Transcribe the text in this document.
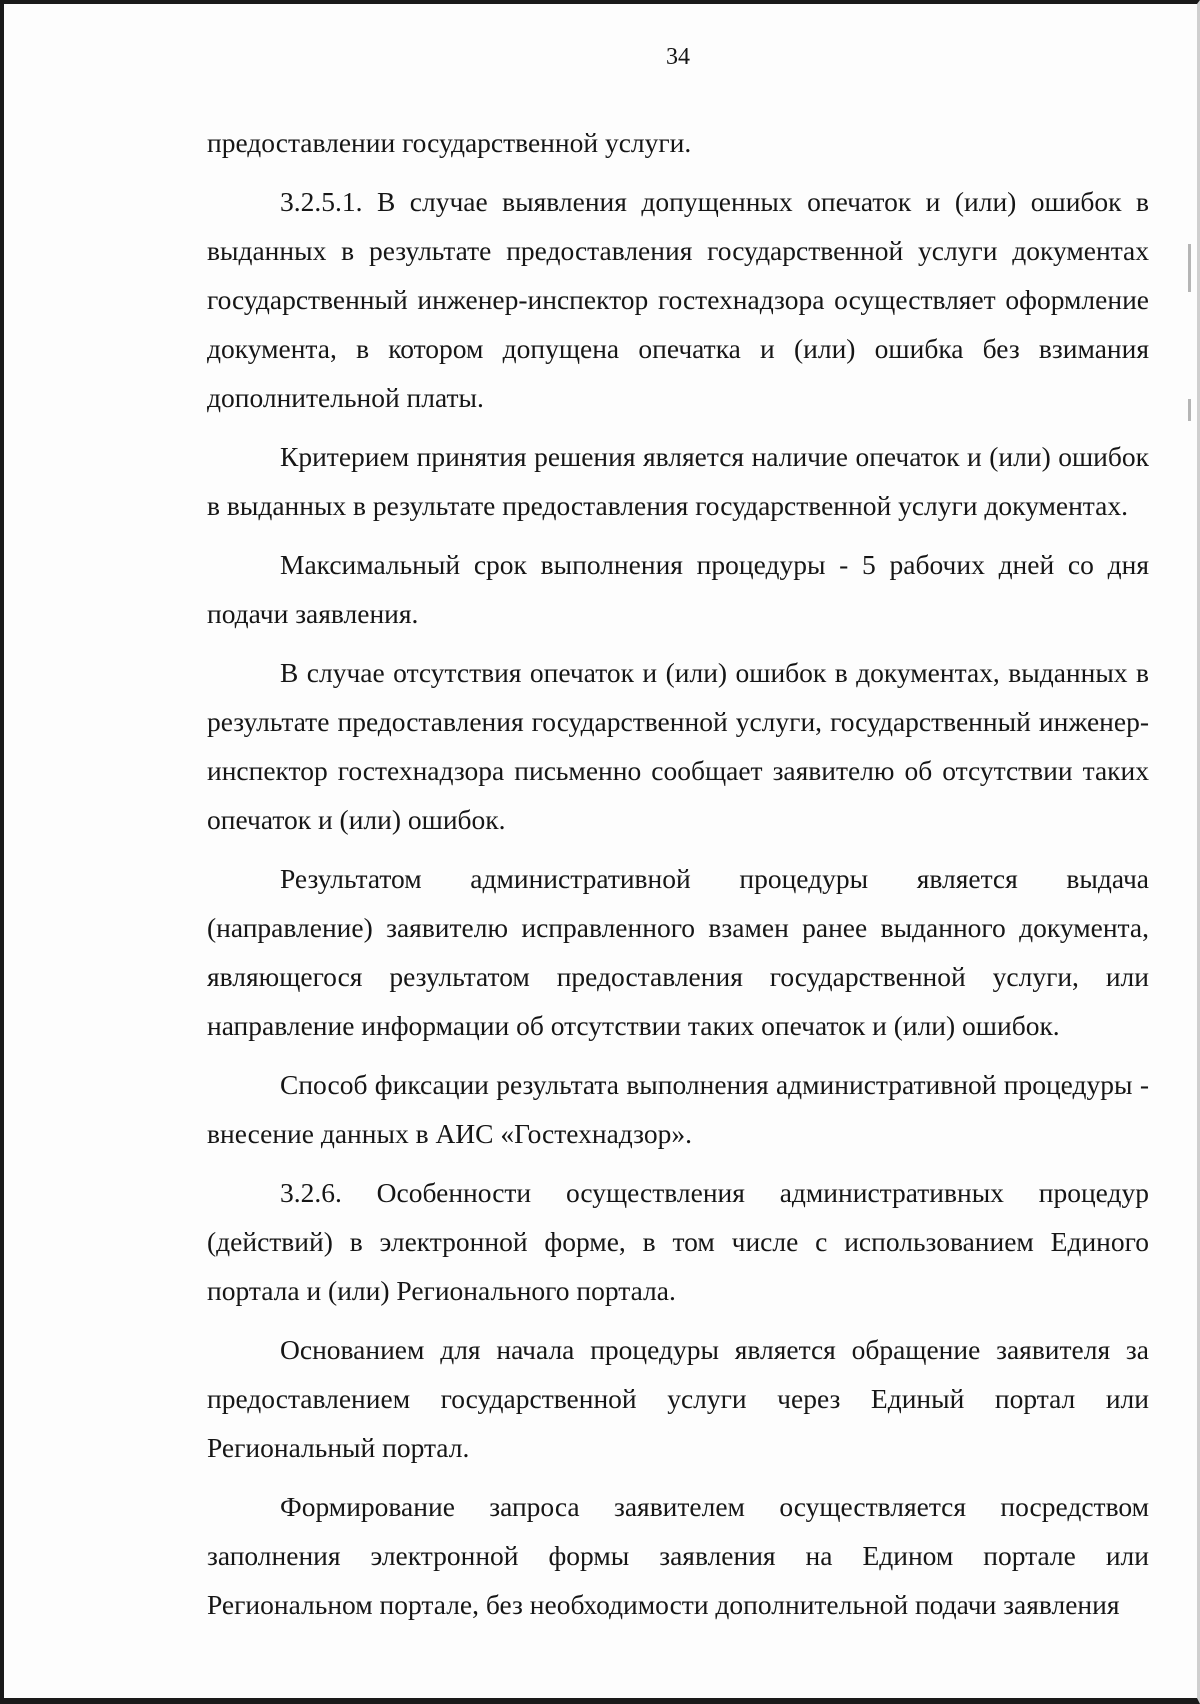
34

предоставлении государственной услуги.

3.2.5.1. В случае выявления допущенных опечаток и (или) ошибок в выданных в результате предоставления государственной услуги документах государственный инженер-инспектор гостехнадзора осуществляет оформление документа, в котором допущена опечатка и (или) ошибка без взимания дополнительной платы.

Критерием принятия решения является наличие опечаток и (или) ошибок в выданных в результате предоставления государственной услуги документах.

Максимальный срок выполнения процедуры - 5 рабочих дней со дня подачи заявления.

В случае отсутствия опечаток и (или) ошибок в документах, выданных в результате предоставления государственной услуги, государственный инженер-инспектор гостехнадзора письменно сообщает заявителю об отсутствии таких опечаток и (или) ошибок.

Результатом административной процедуры является выдача (направление) заявителю исправленного взамен ранее выданного документа, являющегося результатом предоставления государственной услуги, или направление информации об отсутствии таких опечаток и (или) ошибок.

Способ фиксации результата выполнения административной процедуры - внесение данных в АИС «Гостехнадзор».

3.2.6. Особенности осуществления административных процедур (действий) в электронной форме, в том числе с использованием Единого портала и (или) Регионального портала.

Основанием для начала процедуры является обращение заявителя за предоставлением государственной услуги через Единый портал или Региональный портал.

Формирование запроса заявителем осуществляется посредством заполнения электронной формы заявления на Едином портале или Региональном портале, без необходимости дополнительной подачи заявления
